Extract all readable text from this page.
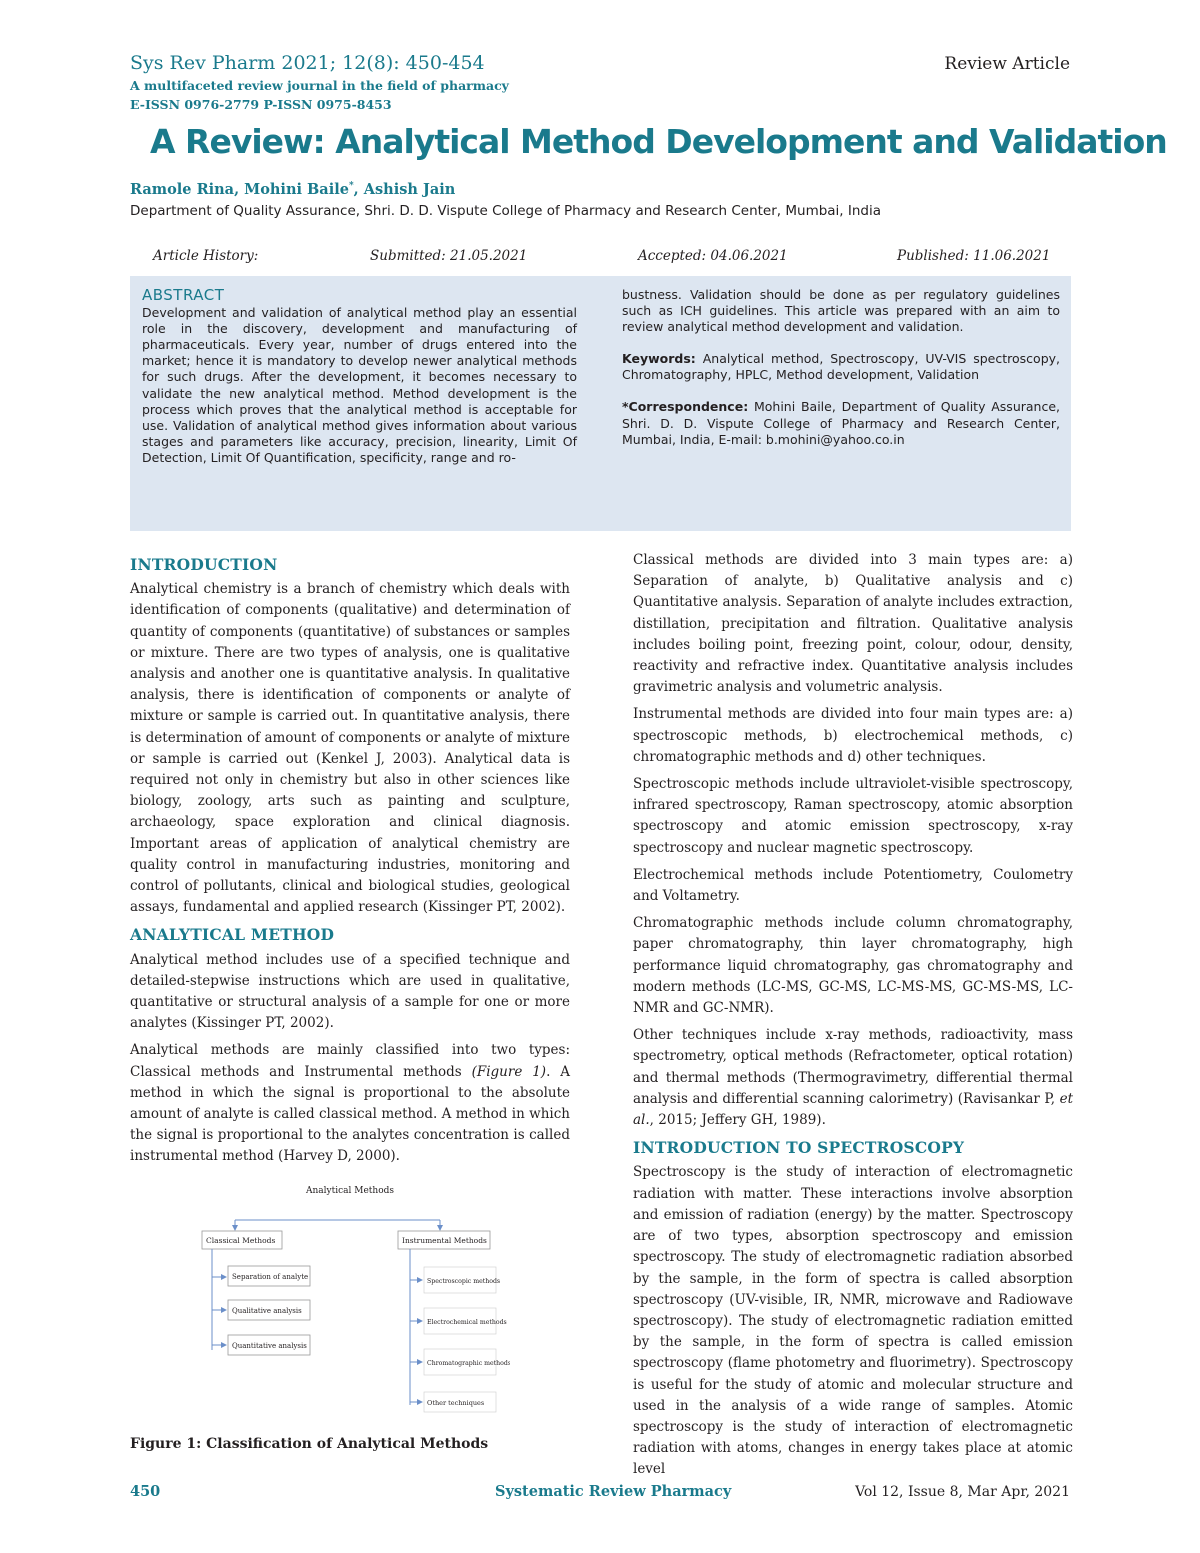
Sys Rev Pharm 2021; 12(8): 450-454	Review Article
A multifaceted review journal in the field of pharmacy
E-ISSN 0976-2779 P-ISSN 0975-8453
A Review: Analytical Method Development and Validation
Ramole Rina, Mohini Baile*, Ashish Jain
Department of Quality Assurance, Shri. D. D. Vispute College of Pharmacy and Research Center, Mumbai, India
Article History:	Submitted: 21.05.2021	Accepted: 04.06.2021	Published: 11.06.2021
ABSTRACT
Development and validation of analytical method play an essential role in the discovery, development and manufacturing of pharmaceuticals. Every year, number of drugs entered into the market; hence it is mandatory to develop newer analytical methods for such drugs. After the development, it becomes necessary to validate the new analytical method. Method development is the process which proves that the analytical method is acceptable for use. Validation of analytical method gives information about various stages and parameters like accuracy, precision, linearity, Limit Of Detection, Limit Of Quantification, specificity, range and ro-

bustness. Validation should be done as per regulatory guidelines such as ICH guidelines. This article was prepared with an aim to review analytical method development and validation.

Keywords: Analytical method, Spectroscopy, UV-VIS spectroscopy, Chromatography, HPLC, Method development, Validation

*Correspondence: Mohini Baile, Department of Quality Assurance, Shri. D. D. Vispute College of Pharmacy and Research Center, Mumbai, India, E-mail: b.mohini@yahoo.co.in

INTRODUCTION

Analytical chemistry is a branch of chemistry which deals with identification of components (qualitative) and determination of quantity of components (quantitative) of substances or samples or mixture. There are two types of analysis, one is qualitative analysis and another one is quantitative analysis. In qualitative analysis, there is identification of components or analyte of mixture or sample is carried out. In quantitative analysis, there is determination of amount of components or analyte of mixture or sample is carried out (Kenkel J, 2003). Analytical data is required not only in chemistry but also in other sciences like biology, zoology, arts such as painting and sculpture, archaeology, space exploration and clinical diagnosis. Important areas of application of analytical chemistry are quality control in manufacturing industries, monitoring and control of pollutants, clinical and biological studies, geological assays, fundamental and applied research (Kissinger PT, 2002).

ANALYTICAL METHOD

Analytical method includes use of a specified technique and detailed-stepwise instructions which are used in qualitative, quantitative or structural analysis of a sample for one or more analytes (Kissinger PT, 2002).

Analytical methods are mainly classified into two types: Classical methods and Instrumental methods (Figure 1). A method in which the signal is proportional to the absolute amount of analyte is called classical method. A method in which the signal is proportional to the analytes concentration is called instrumental method (Harvey D, 2000).

Analytical Methods
Classical Methods	Instrumental Methods
Separation of analyte
Qualitative analysis
Quantitative analysis
Spectroscopic methods
Electrochemical methods
Chromatographic methods
Other techniques
Figure 1: Classification of Analytical Methods

Classical methods are divided into 3 main types are: a) Separation of analyte, b) Qualitative analysis and c) Quantitative analysis. Separation of analyte includes extraction, distillation, precipitation and filtration. Qualitative analysis includes boiling point, freezing point, colour, odour, density, reactivity and refractive index. Quantitative analysis includes gravimetric analysis and volumetric analysis.

Instrumental methods are divided into four main types are: a) spectroscopic methods, b) electrochemical methods, c) chromatographic methods and d) other techniques.

Spectroscopic methods include ultraviolet-visible spectroscopy, infrared spectroscopy, Raman spectroscopy, atomic absorption spectroscopy and atomic emission spectroscopy, x-ray spectroscopy and nuclear magnetic spectroscopy.

Electrochemical methods include Potentiometry, Coulometry and Voltametry.

Chromatographic methods include column chromatography, paper chromatography, thin layer chromatography, high performance liquid chromatography, gas chromatography and modern methods (LC-MS, GC-MS, LC-MS-MS, GC-MS-MS, LC-NMR and GC-NMR).

Other techniques include x-ray methods, radioactivity, mass spectrometry, optical methods (Refractometer, optical rotation) and thermal methods (Thermogravimetry, differential thermal analysis and differential scanning calorimetry) (Ravisankar P, et al., 2015; Jeffery GH, 1989).

INTRODUCTION TO SPECTROSCOPY

Spectroscopy is the study of interaction of electromagnetic radiation with matter. These interactions involve absorption and emission of radiation (energy) by the matter. Spectroscopy are of two types, absorption spectroscopy and emission spectroscopy. The study of electromagnetic radiation absorbed by the sample, in the form of spectra is called absorption spectroscopy (UV-visible, IR, NMR, microwave and Radiowave spectroscopy). The study of electromagnetic radiation emitted by the sample, in the form of spectra is called emission spectroscopy (flame photometry and fluorimetry). Spectroscopy is useful for the study of atomic and molecular structure and used in the analysis of a wide range of samples. Atomic spectroscopy is the study of interaction of electromagnetic radiation with atoms, changes in energy takes place at atomic level

450	Systematic Review Pharmacy	Vol 12, Issue 8, Mar Apr, 2021
